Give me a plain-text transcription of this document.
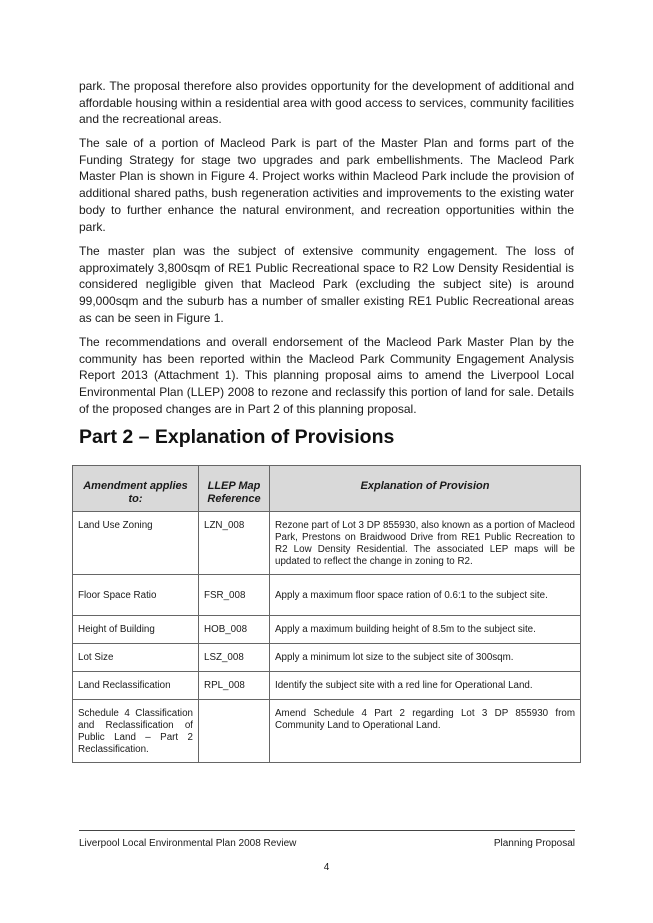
park. The proposal therefore also provides opportunity for the development of additional and affordable housing within a residential area with good access to services, community facilities and the recreational areas.

The sale of a portion of Macleod Park is part of the Master Plan and forms part of the Funding Strategy for stage two upgrades and park embellishments. The Macleod Park Master Plan is shown in Figure 4. Project works within Macleod Park include the provision of additional shared paths, bush regeneration activities and improvements to the existing water body to further enhance the natural environment, and recreation opportunities within the park.

The master plan was the subject of extensive community engagement. The loss of approximately 3,800sqm of RE1 Public Recreational space to R2 Low Density Residential is considered negligible given that Macleod Park (excluding the subject site) is around 99,000sqm and the suburb has a number of smaller existing RE1 Public Recreational areas as can be seen in Figure 1.

The recommendations and overall endorsement of the Macleod Park Master Plan by the community has been reported within the Macleod Park Community Engagement Analysis Report 2013 (Attachment 1). This planning proposal aims to amend the Liverpool Local Environmental Plan (LLEP) 2008 to rezone and reclassify this portion of land for sale. Details of the proposed changes are in Part 2 of this planning proposal.

Part 2 – Explanation of Provisions
Amendment applies to:	LLEP Map Reference	Explanation of Provision
Land Use Zoning	LZN_008	Rezone part of Lot 3 DP 855930, also known as a portion of Macleod Park, Prestons on Braidwood Drive from RE1 Public Recreation to R2 Low Density Residential. The associated LEP maps will be updated to reflect the change in zoning to R2.
Floor Space Ratio	FSR_008	Apply a maximum floor space ration of 0.6:1 to the subject site.
Height of Building	HOB_008	Apply a maximum building height of 8.5m to the subject site.
Lot Size	LSZ_008	Apply a minimum lot size to the subject site of 300sqm.
Land Reclassification	RPL_008	Identify the subject site with a red line for Operational Land.
Schedule 4 Classification and Reclassification of Public Land – Part 2 Reclassification.		Amend Schedule 4 Part 2 regarding Lot 3 DP 855930 from Community Land to Operational Land.
Liverpool Local Environmental Plan 2008 Review	Planning Proposal
4
